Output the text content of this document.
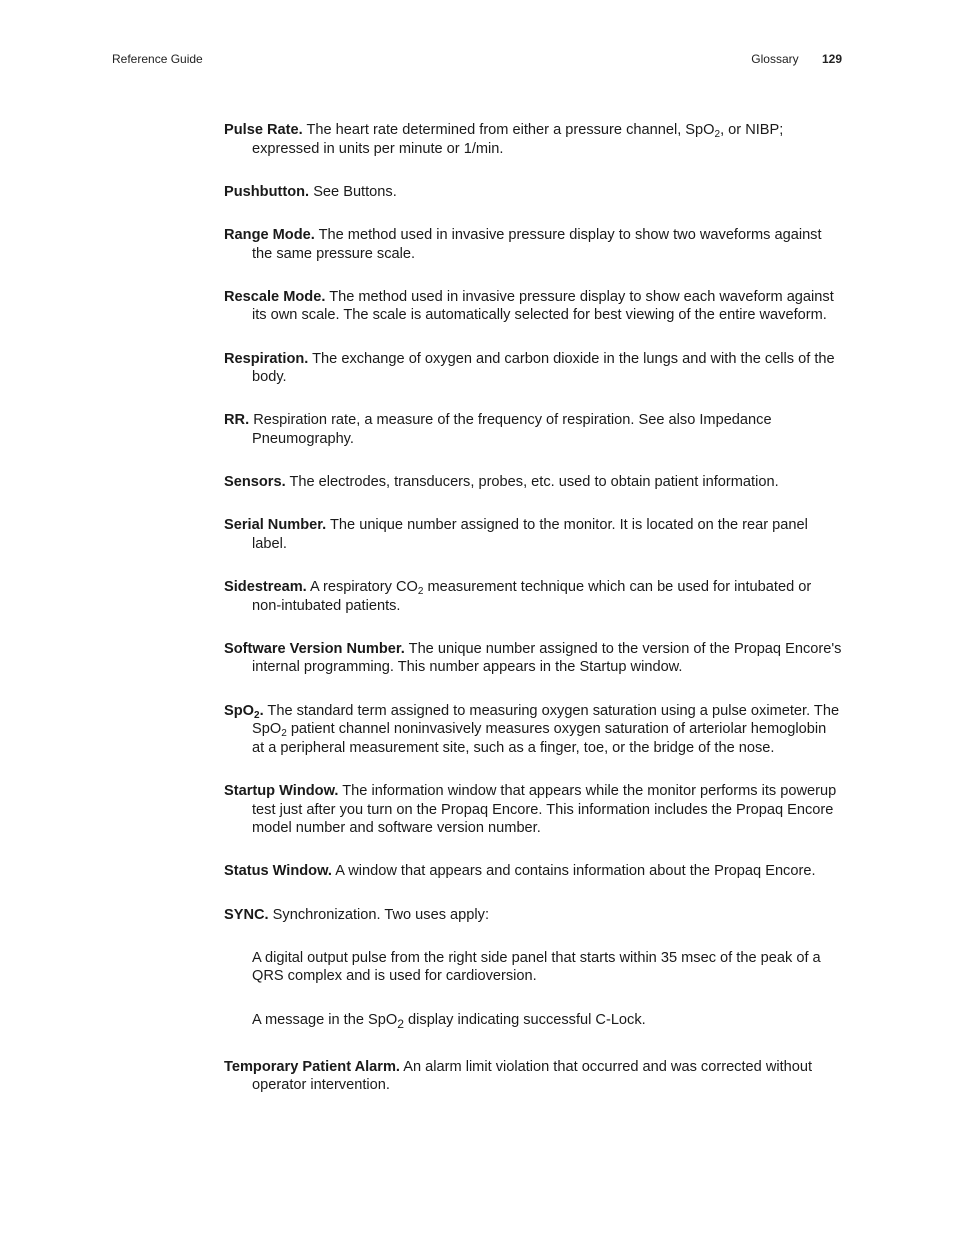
Reference Guide	Glossary 129

Pulse Rate. The heart rate determined from either a pressure channel, SpO$_2$, or NIBP; expressed in units per minute or 1/min.

Pushbutton. See Buttons.

Range Mode. The method used in invasive pressure display to show two waveforms against the same pressure scale.

Rescale Mode. The method used in invasive pressure display to show each waveform against its own scale. The scale is automatically selected for best viewing of the entire waveform.

Respiration. The exchange of oxygen and carbon dioxide in the lungs and with the cells of the body.

RR. Respiration rate, a measure of the frequency of respiration. See also Impedance Pneumography.

Sensors. The electrodes, transducers, probes, etc. used to obtain patient information.

Serial Number. The unique number assigned to the monitor. It is located on the rear panel label.

Sidestream. A respiratory $CO_2$ measurement technique which can be used for intubated or non-intubated patients.

Software Version Number. The unique number assigned to the version of the Propaq Encore's internal programming. This number appears in the Startup window.

SpO$_2$. The standard term assigned to measuring oxygen saturation using a pulse oximeter. The SpO$_2$ patient channel noninvasively measures oxygen saturation of arteriolar hemoglobin at a peripheral measurement site, such as a finger, toe, or the bridge of the nose.

Startup Window. The information window that appears while the monitor performs its powerup test just after you turn on the Propaq Encore. This information includes the Propaq Encore model number and software version number.

Status Window. A window that appears and contains information about the Propaq Encore.

SYNC. Synchronization. Two uses apply:

A digital output pulse from the right side panel that starts within 35 msec of the peak of a QRS complex and is used for cardioversion.

A message in the SpO$_2$ display indicating successful C-Lock.

Temporary Patient Alarm. An alarm limit violation that occurred and was corrected without operator intervention.
